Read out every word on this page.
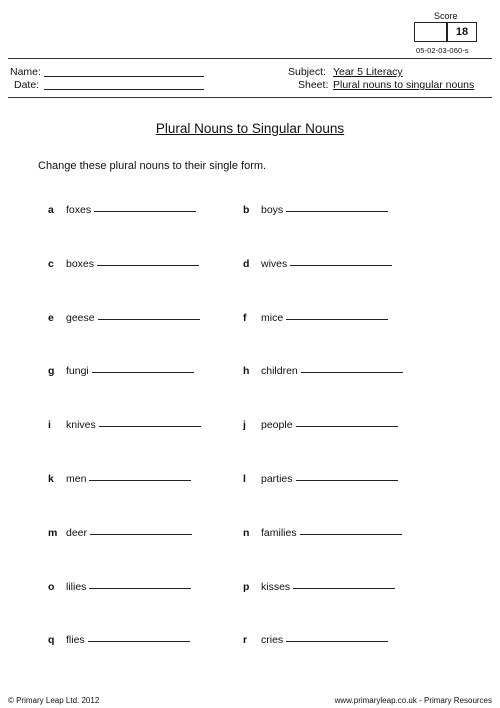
Score
18
05-02-03-060-s
Name:
Date:
Subject: Year 5 Literacy
Sheet: Plural nouns to singular nouns
Plural Nouns to Singular Nouns
Change these plural nouns to their single form.
a	foxes	b	boys
c	boxes	d	wives
e	geese	f	mice
g	fungi	h	children
i	knives	j	people
k	men	l	parties
m deer	n	families
o	lilies	p	kisses
q	flies	r	cries
© Primary Leap Ltd. 2012	www.primaryleap.co.uk - Primary Resources
